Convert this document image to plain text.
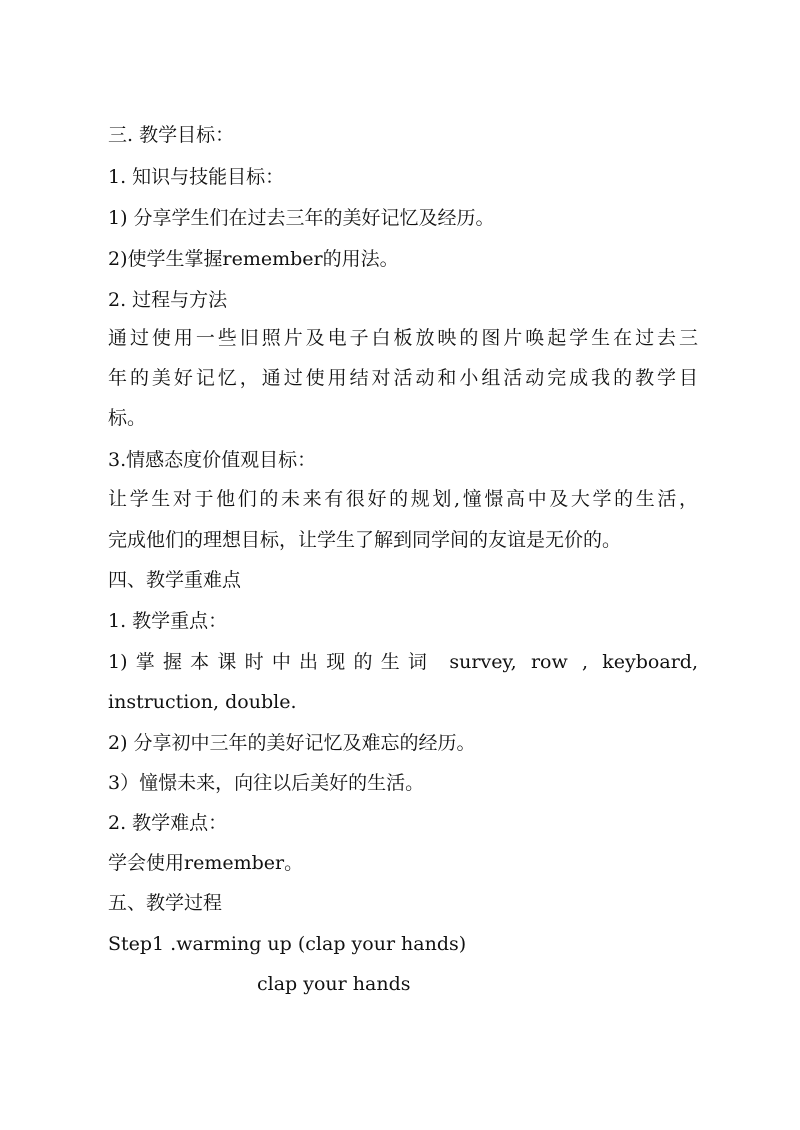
三. 教学目标：
1. 知识与技能目标：
1) 分享学生们在过去三年的美好记忆及经历。
2)使学生掌握remember的用法。
2. 过程与方法
通过使用一些旧照片及电子白板放映的图片唤起学生在过去三
年的美好记忆，通过使用结对活动和小组活动完成我的教学目
标。
3.情感态度价值观目标：
让学生对于他们的未来有很好的规划,憧憬高中及大学的生活，
完成他们的理想目标，让学生了解到同学间的友谊是无价的。
四、教学重难点
1. 教学重点：
1)掌握本课时中出现的生词 survey, row , keyboard,
instruction, double.
2) 分享初中三年的美好记忆及难忘的经历。
3）憧憬未来，向往以后美好的生活。
2. 教学难点：
学会使用remember。
五、教学过程
Step1 .warming up (clap your hands)
clap your hands
